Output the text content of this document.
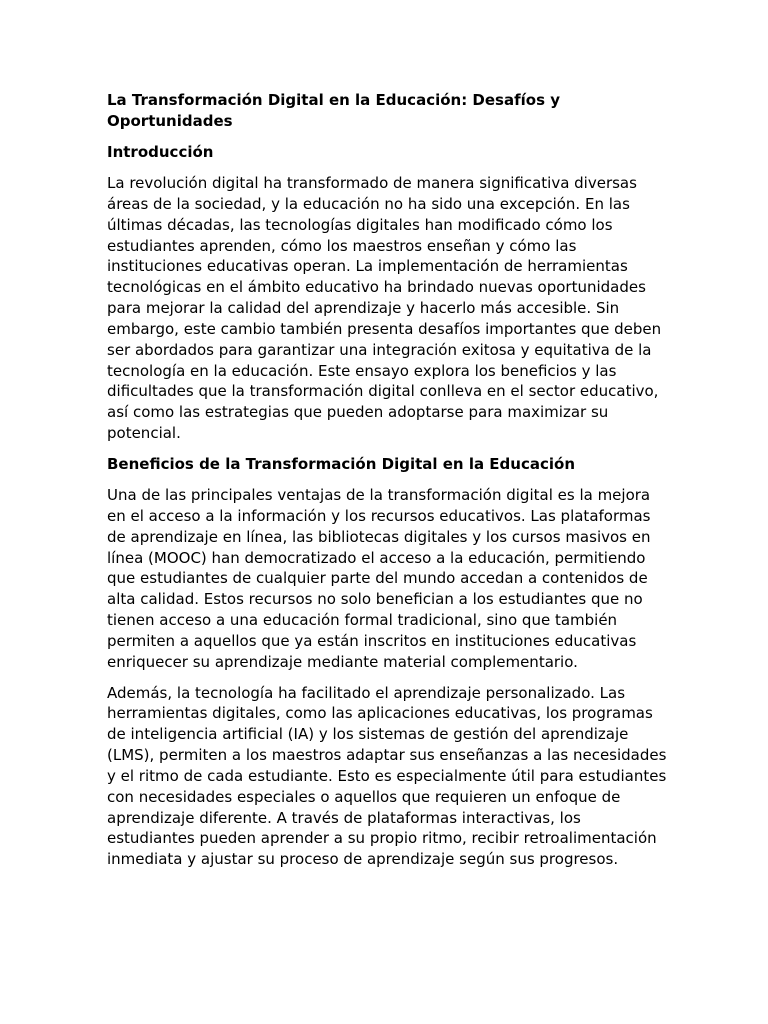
La Transformación Digital en la Educación: Desafíos y Oportunidades
Introducción

La revolución digital ha transformado de manera significativa diversas áreas de la sociedad, y la educación no ha sido una excepción. En las últimas décadas, las tecnologías digitales han modificado cómo los estudiantes aprenden, cómo los maestros enseñan y cómo las instituciones educativas operan. La implementación de herramientas tecnológicas en el ámbito educativo ha brindado nuevas oportunidades para mejorar la calidad del aprendizaje y hacerlo más accesible. Sin embargo, este cambio también presenta desafíos importantes que deben ser abordados para garantizar una integración exitosa y equitativa de la tecnología en la educación. Este ensayo explora los beneficios y las dificultades que la transformación digital conlleva en el sector educativo, así como las estrategias que pueden adoptarse para maximizar su potencial.

Beneficios de la Transformación Digital en la Educación

Una de las principales ventajas de la transformación digital es la mejora en el acceso a la información y los recursos educativos. Las plataformas de aprendizaje en línea, las bibliotecas digitales y los cursos masivos en línea (MOOC) han democratizado el acceso a la educación, permitiendo que estudiantes de cualquier parte del mundo accedan a contenidos de alta calidad. Estos recursos no solo benefician a los estudiantes que no tienen acceso a una educación formal tradicional, sino que también permiten a aquellos que ya están inscritos en instituciones educativas enriquecer su aprendizaje mediante material complementario.

Además, la tecnología ha facilitado el aprendizaje personalizado. Las herramientas digitales, como las aplicaciones educativas, los programas de inteligencia artificial (IA) y los sistemas de gestión del aprendizaje (LMS), permiten a los maestros adaptar sus enseñanzas a las necesidades y el ritmo de cada estudiante. Esto es especialmente útil para estudiantes con necesidades especiales o aquellos que requieren un enfoque de aprendizaje diferente. A través de plataformas interactivas, los estudiantes pueden aprender a su propio ritmo, recibir retroalimentación inmediata y ajustar su proceso de aprendizaje según sus progresos.
